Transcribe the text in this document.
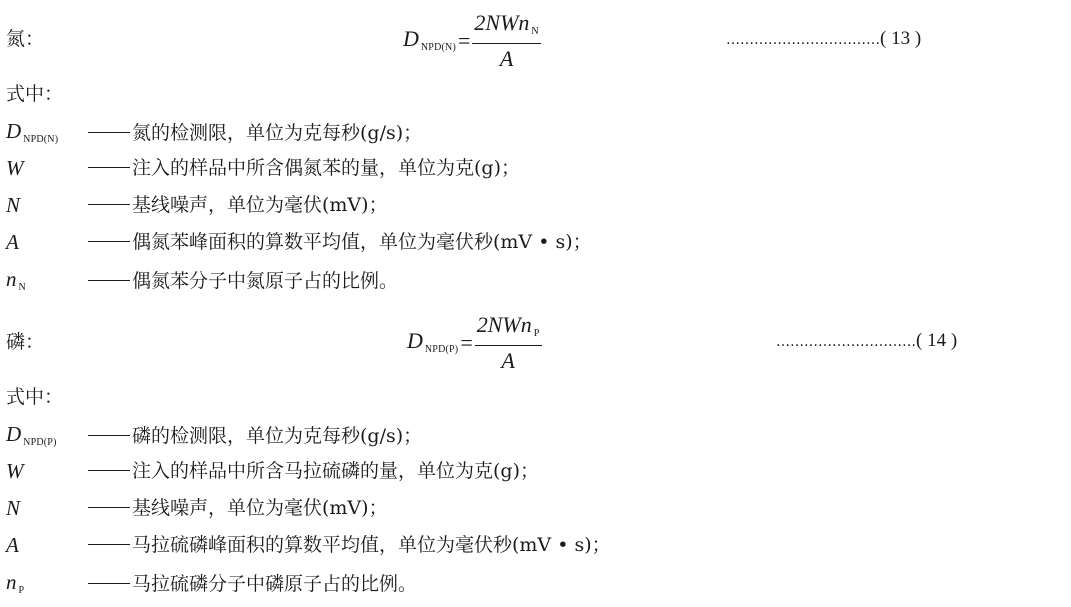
氮：	DNPD(N) = $\frac{\text{2NWn N}}{A}$	……………………………( 13 )
式中：
D $_{NPD(N)}$	氮的检测限，单位为克每秒(g/s)；
W	注入的样品中所含偶氮苯的量，单位为克(g)；
N	基线噪声，单位为毫伏(mV)；
A	偶氮苯峰面积的算数平均值，单位为毫伏秒(mV • s)；
n $_N$	偶氮苯分子中氮原子占的比例。
磷：	DNPD(P) = $\frac{\text{2NWn P}}{A}$	…………………………( 14 )
式中：
D $_{NPD(P)}$	磷的检测限，单位为克每秒(g/s)；
W	注入的样品中所含马拉硫磷的量，单位为克(g)；
N	基线噪声，单位为毫伏(mV)；
A	马拉硫磷峰面积的算数平均值，单位为毫伏秒(mV • s)；
n $_P$	马拉硫磷分子中磷原子占的比例。
